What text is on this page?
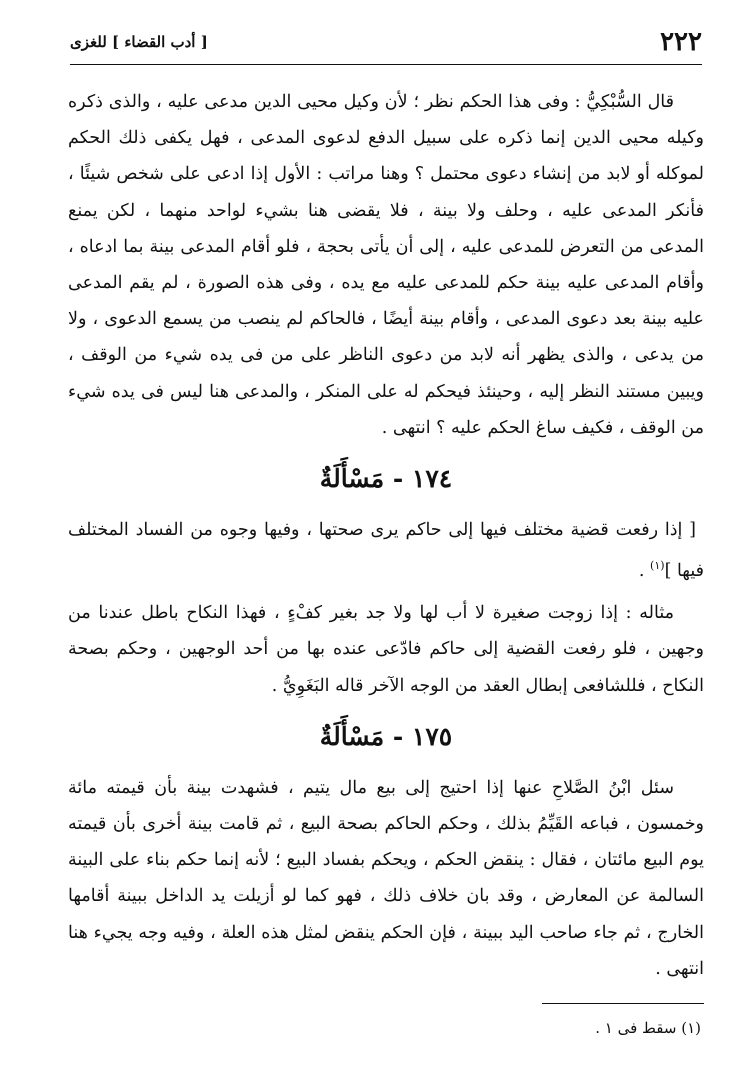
٢٢٢
[ أدب القضاء ] للغزى

قال السُّبْكِيُّ : وفى هذا الحكم نظر ؛ لأن وكيل محيى الدين مدعى عليه ، والذى ذكره وكيله محيى الدين إنما ذكره على سبيل الدفع لدعوى المدعى ، فهل يكفى ذلك الحكم لموكله أو لابد من إنشاء دعوى محتمل ؟ وهنا مراتب : الأول إذا ادعى على شخص شيئًا ، فأنكر المدعى عليه ، وحلف ولا بينة ، فلا يقضى هنا بشيء لواحد منهما ، لكن يمنع المدعى من التعرض للمدعى عليه ، إلى أن يأتى بحجة ، فلو أقام المدعى بينة بما ادعاه ، وأقام المدعى عليه بينة حكم للمدعى عليه مع يده ، وفى هذه الصورة ، لم يقم المدعى عليه بينة بعد دعوى المدعى ، وأقام بينة أيضًا ، فالحاكم لم ينصب من يسمع الدعوى ، ولا من يدعى ، والذى يظهر أنه لابد من دعوى الناظر على من فى يده شيء من الوقف ، ويبين مستند النظر إليه ، وحينئذ فيحكم له على المنكر ، والمدعى هنا ليس فى يده شيء من الوقف ، فكيف ساغ الحكم عليه ؟ انتهى .

١٧٤ - مَسْأَلَةٌ

[ إذا رفعت قضية مختلف فيها إلى حاكم يرى صحتها ، وفيها وجوه من الفساد المختلف فيها ]$^{(١)}$ .

مثاله : إذا زوجت صغيرة لا أب لها ولا جد بغير كفْءٍ ، فهذا النكاح باطل عندنا من وجهين ، فلو رفعت القضية إلى حاكم فادّعى عنده بها من أحد الوجهين ، وحكم بصحة النكاح ، فللشافعى إبطال العقد من الوجه الآخر قاله البَغَوِيُّ .

١٧٥ - مَسْأَلَةٌ

سئل ابْنُ الصَّلاحِ عنها إذا احتيج إلى بيع مال يتيم ، فشهدت بينة بأن قيمته مائة وخمسون ، فباعه القَيِّمُ بذلك ، وحكم الحاكم بصحة البيع ، ثم قامت بينة أخرى بأن قيمته يوم البيع مائتان ، فقال : ينقض الحكم ، ويحكم بفساد البيع ؛ لأنه إنما حكم بناء على البينة السالمة عن المعارض ، وقد بان خلاف ذلك ، فهو كما لو أزيلت يد الداخل ببينة أقامها الخارج ، ثم جاء صاحب اليد ببينة ، فإن الحكم ينقض لمثل هذه العلة ، وفيه وجه يجيء هنا انتهى .

(١) سقط فى ١ .
